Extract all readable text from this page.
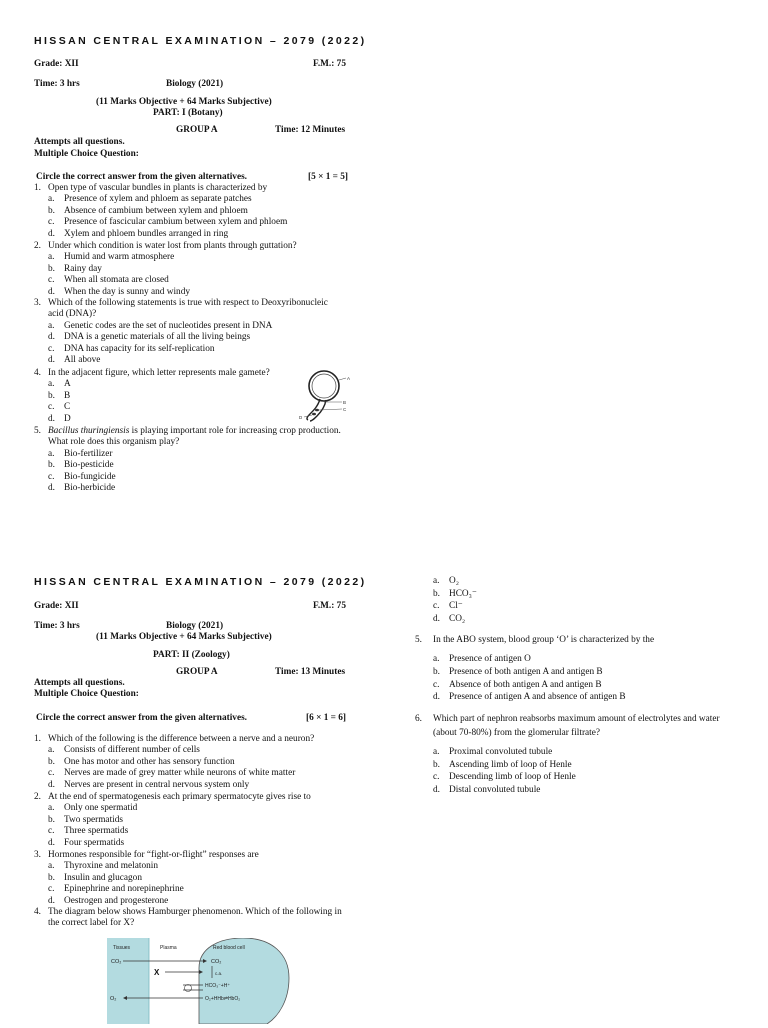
HISSAN CENTRAL EXAMINATION – 2079 (2022)
Grade: XII	F.M.: 75
Time: 3 hrs	Biology (2021)
(11 Marks Objective + 64 Marks Subjective)
PART: I (Botany)
GROUP A	Time: 12 Minutes
Attempts all questions.
Multiple Choice Question:
Circle the correct answer from the given alternatives.	[5 × 1 = 5]
1. Open type of vascular bundles in plants is characterized by
a.	Presence of xylem and phloem as separate patches
b. Absence of cambium between xylem and phloem
c.	Presence of fascicular cambium between xylem and phloem
d. Xylem and phloem bundles arranged in ring
2. Under which condition is water lost from plants through guttation?
a.	Humid and warm atmosphere
b. Rainy day
c.	When all stomata are closed
d. When the day is sunny and windy
3. Which of the following statements is true with respect to Deoxyribonucleic acid (DNA)?
a.	Genetic codes are the set of nucleotides present in DNA
d. DNA is a genetic materials of all the living beings
c.	DNA has capacity for its self-replication
d. All above
4. In the adjacent figure, which letter represents male gamete?
a.	A
b. B
c.	C
d. D
A
B
C
D
5. Bacillus thuringiensis is playing important role for increasing crop production. What role does this organism play?
a.	Bio-fertilizer
b. Bio-pesticide
c.	Bio-fungicide
d. Bio-herbicide
HISSAN CENTRAL EXAMINATION – 2079 (2022)
Grade: XII	F.M.: 75
Time: 3 hrs	Biology (2021)
(11 Marks Objective + 64 Marks Subjective)
PART: II (Zoology)
GROUP A	Time: 13 Minutes
Attempts all questions.
Multiple Choice Question:
Circle the correct answer from the given alternatives.	[6 × 1 = 6]
1. Which of the following is the difference between a nerve and a neuron?
a.	Consists of different number of cells
b. One has motor and other has sensory function
c.	Nerves are made of grey matter while neurons of white matter
d. Nerves are present in central nervous system only
2. At the end of spermatogenesis each primary spermatocyte gives rise to
a.	Only one spermatid
b. Two spermatids
c.	Three spermatids
d. Four spermatids
3. Hormones responsible for “fight-or-flight” responses are
a.	Thyroxine and melatonin
b. Insulin and glucagon
c.	Epinephrine and norepinephrine
d. Oestrogen and progesterone
4. The diagram below shows Hamburger phenomenon. Which of the following in the correct label for X?
Tissues	Plasma	Red blood cell
CO₂	CO₂
c.a.
X
HCO₃⁻+H⁺
O₂	O₂+HHb⇌HbO₂
a.	O₂
b. HCO₃⁻
c.	Cl⁻
d. CO₂
5.	In the ABO system, blood group ‘O’ is characterized by the
a.	Presence of antigen O
b. Presence of both antigen A and antigen B
c.	Absence of both antigen A and antigen B
d. Presence of antigen A and absence of antigen B
6.	Which part of nephron reabsorbs maximum amount of electrolytes and water (about 70-80%) from the glomerular filtrate?
a.	Proximal convoluted tubule
b. Ascending limb of loop of Henle
c.	Descending limb of loop of Henle
d. Distal convoluted tubule
